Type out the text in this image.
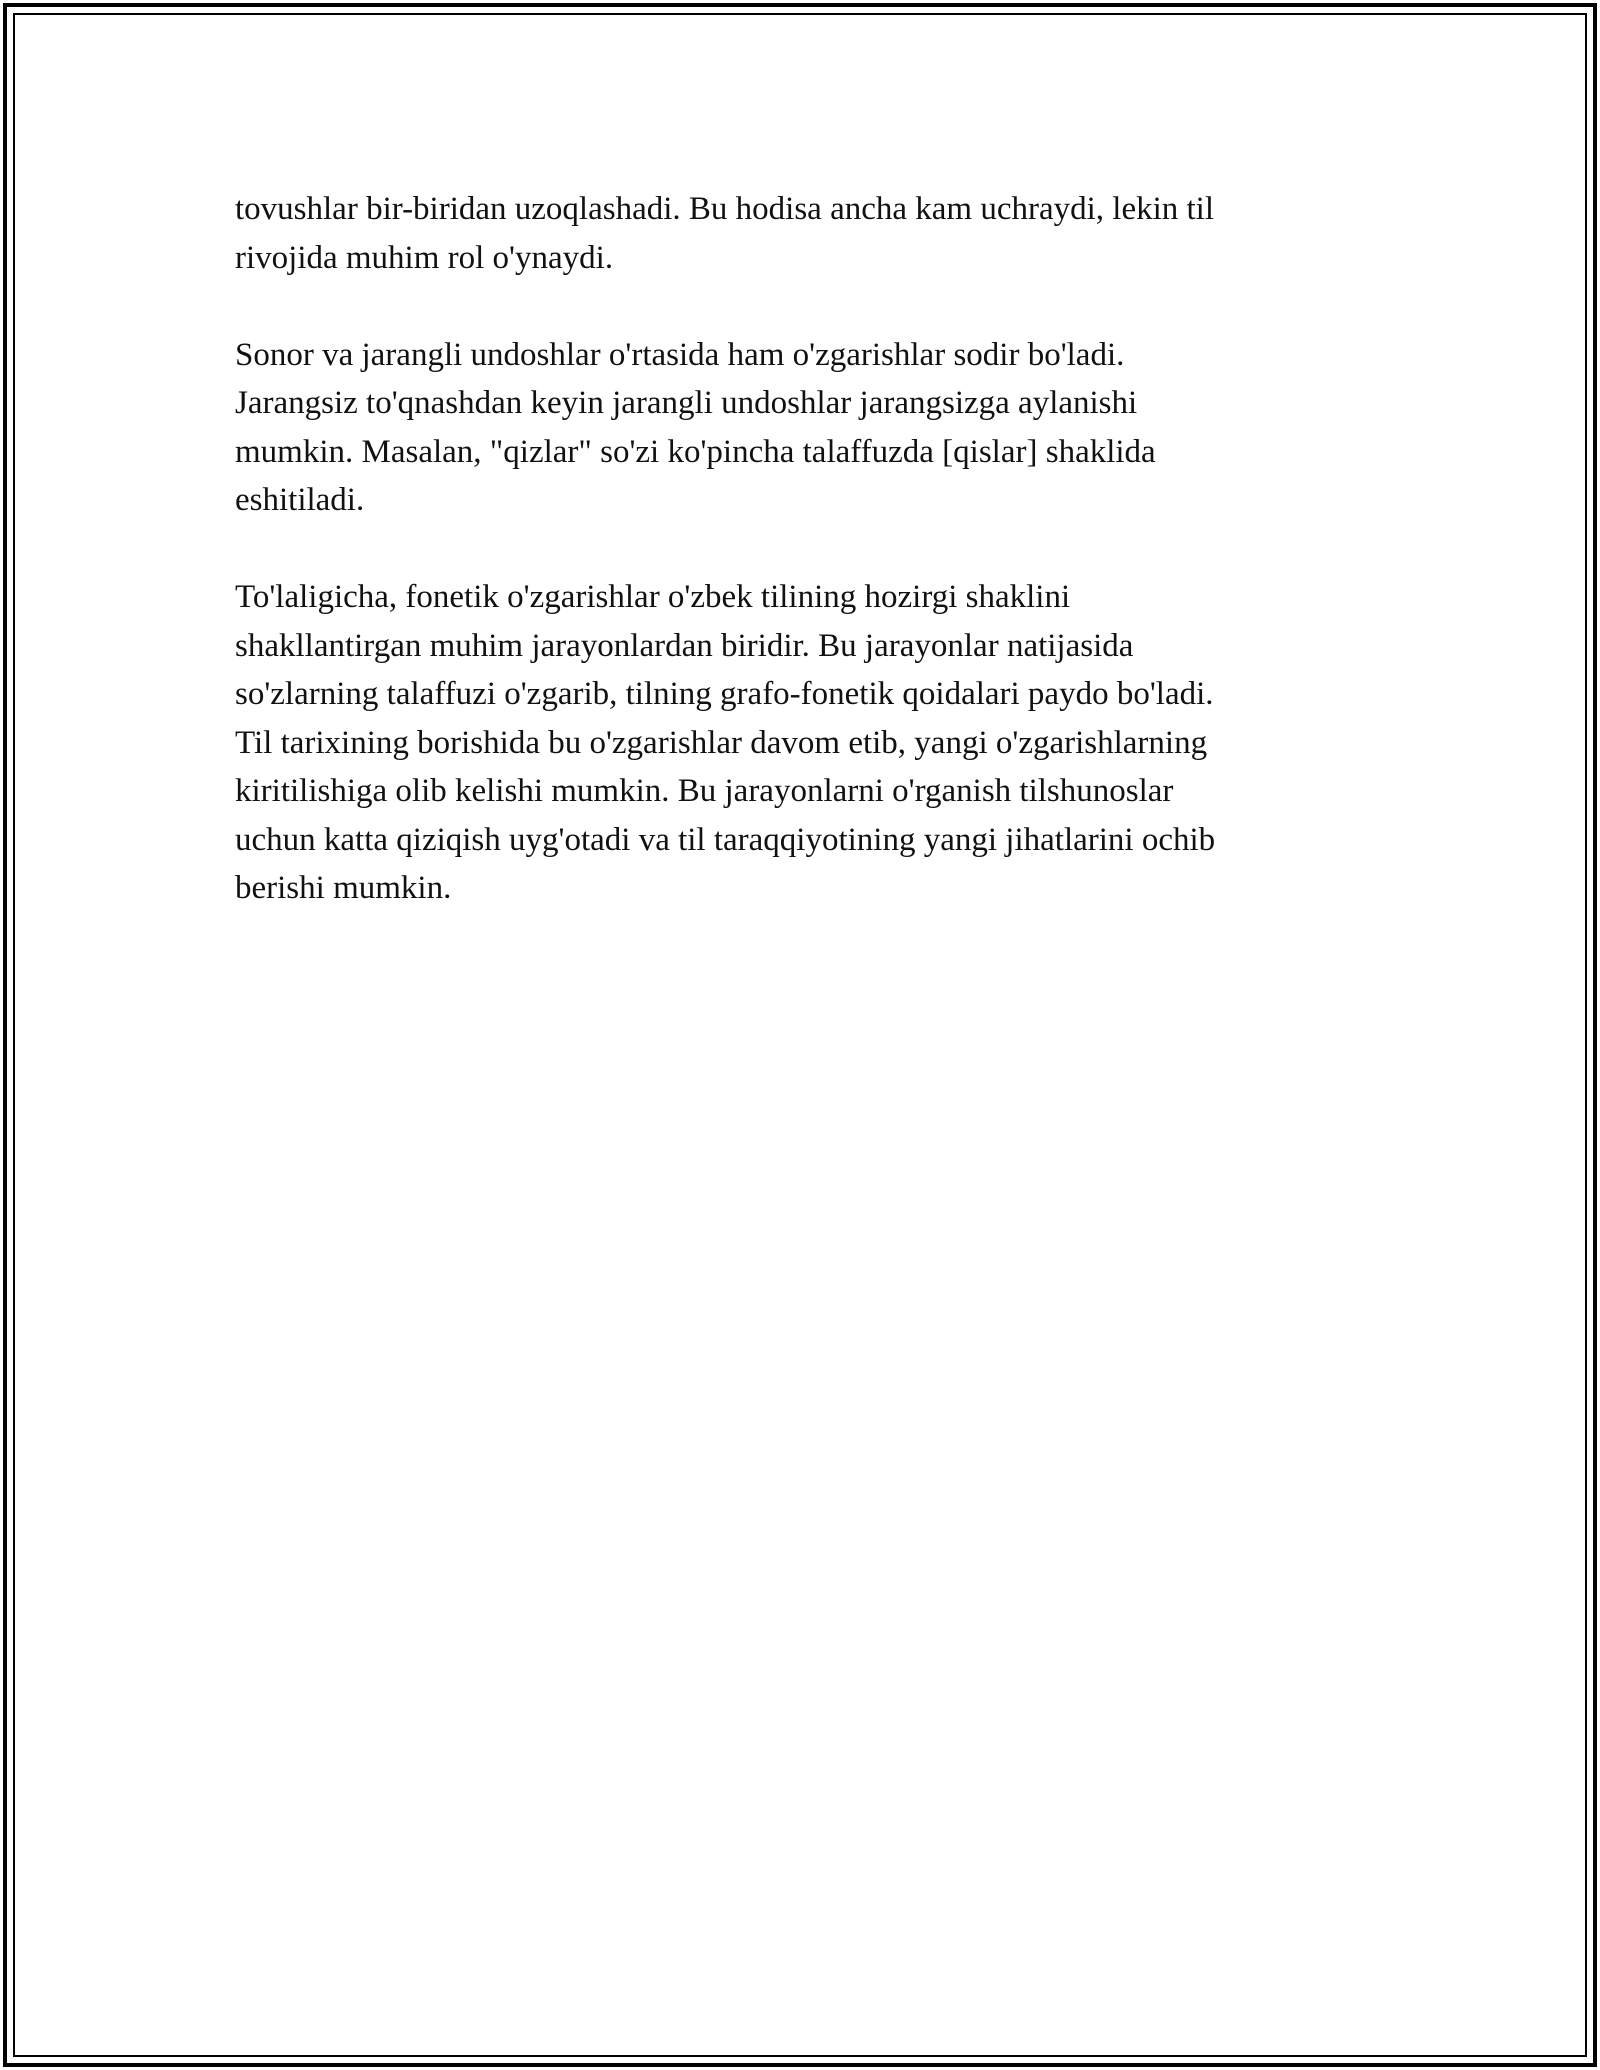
tovushlar bir-biridan uzoqlashadi. Bu hodisa ancha kam uchraydi, lekin til
rivojida muhim rol o'ynaydi.

Sonor va jarangli undoshlar o'rtasida ham o'zgarishlar sodir bo'ladi.
Jarangsiz to'qnashdan keyin jarangli undoshlar jarangsizga aylanishi
mumkin. Masalan, "qizlar" so'zi ko'pincha talaffuzda [qislar] shaklida
eshitiladi.

To'laligicha, fonetik o'zgarishlar o'zbek tilining hozirgi shaklini
shakllantirgan muhim jarayonlardan biridir. Bu jarayonlar natijasida
so'zlarning talaffuzi o'zgarib, tilning grafo-fonetik qoidalari paydo bo'ladi.
Til tarixining borishida bu o'zgarishlar davom etib, yangi o'zgarishlarning
kiritilishiga olib kelishi mumkin. Bu jarayonlarni o'rganish tilshunoslar
uchun katta qiziqish uyg'otadi va til taraqqiyotining yangi jihatlarini ochib
berishi mumkin.
